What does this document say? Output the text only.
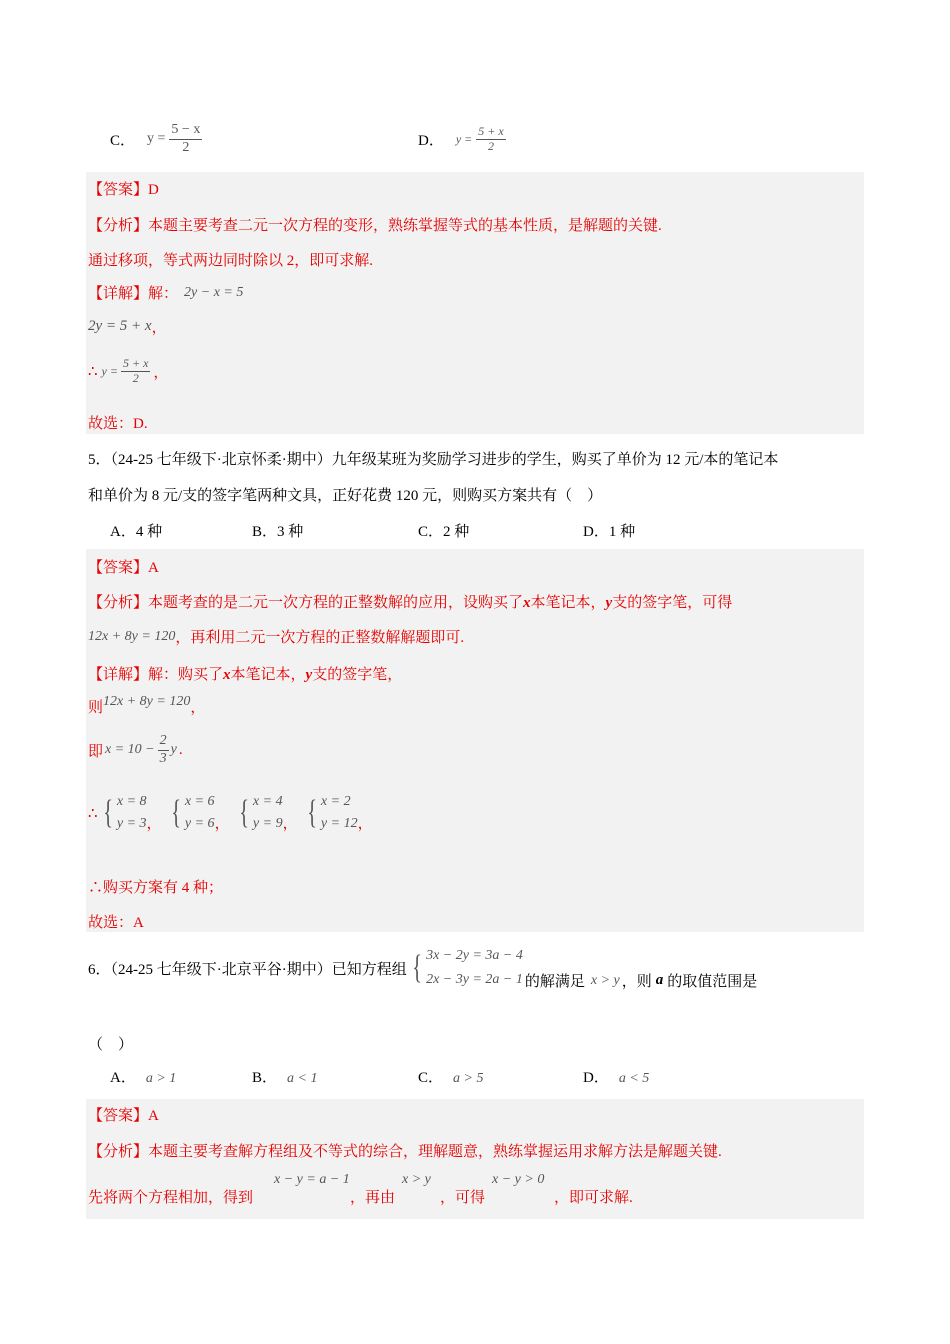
C． $y = \frac{5 - x}{2}$	D． $y = \frac{5 + x}{2}$
【答案】D
【分析】本题主要考查二元一次方程的变形，熟练掌握等式的基本性质，是解题的关键.
通过移项，等式两边同时除以 2，即可求解.
【详解】 解： 2y − x = 5
2y = 5 + x ，
∴ $y = \frac{5 + x}{2}$ ，
故选：D.
5．（24-25 七年级下·北京怀柔·期中）九年级某班为奖励学习进步的学生，购买了单价为 12 元/本的笔记本
和单价为 8 元/支的签字笔两种文具，正好花费 120 元，则购买方案共有（　）
A．4 种	B．3 种	C．2 种	D．1 种
【答案】A
【分析】本题考查的是二元一次方程的正整数解的应用，设购买了x本笔记本，y支的签字笔，可得
12x + 8y = 120 ，再利用二元一次方程的正整数解解题即可.
【详解】解：购买了x本笔记本，y支的签字笔，
则 12x + 8y = 120 ，
即 $x = 10 - \frac{2}{3}$ y .
∴ { x = 8
y = 3 ， { x = 6
y = 6 ， { x = 4
y = 9 ， { x = 2
y = 12 ，
∴购买方案有 4 种；
故选：A
6．（24-25 七年级下·北京平谷·期中）已知方程组 { 3x − 2y = 3a − 4
2x − 3y = 2a − 1 的解满足 x > y ，则 a 的取值范围是
（　）
A． a > 1	B． a < 1	C． a > 5	D． a < 5
【答案】A
【分析】本题主要考查解方程组及不等式的综合，理解题意，熟练掌握运用求解方法是解题关键.
先将两个方程相加，得到
x − y = a − 1
，再由
x > y
，可得
x − y > 0
，即可求解.
